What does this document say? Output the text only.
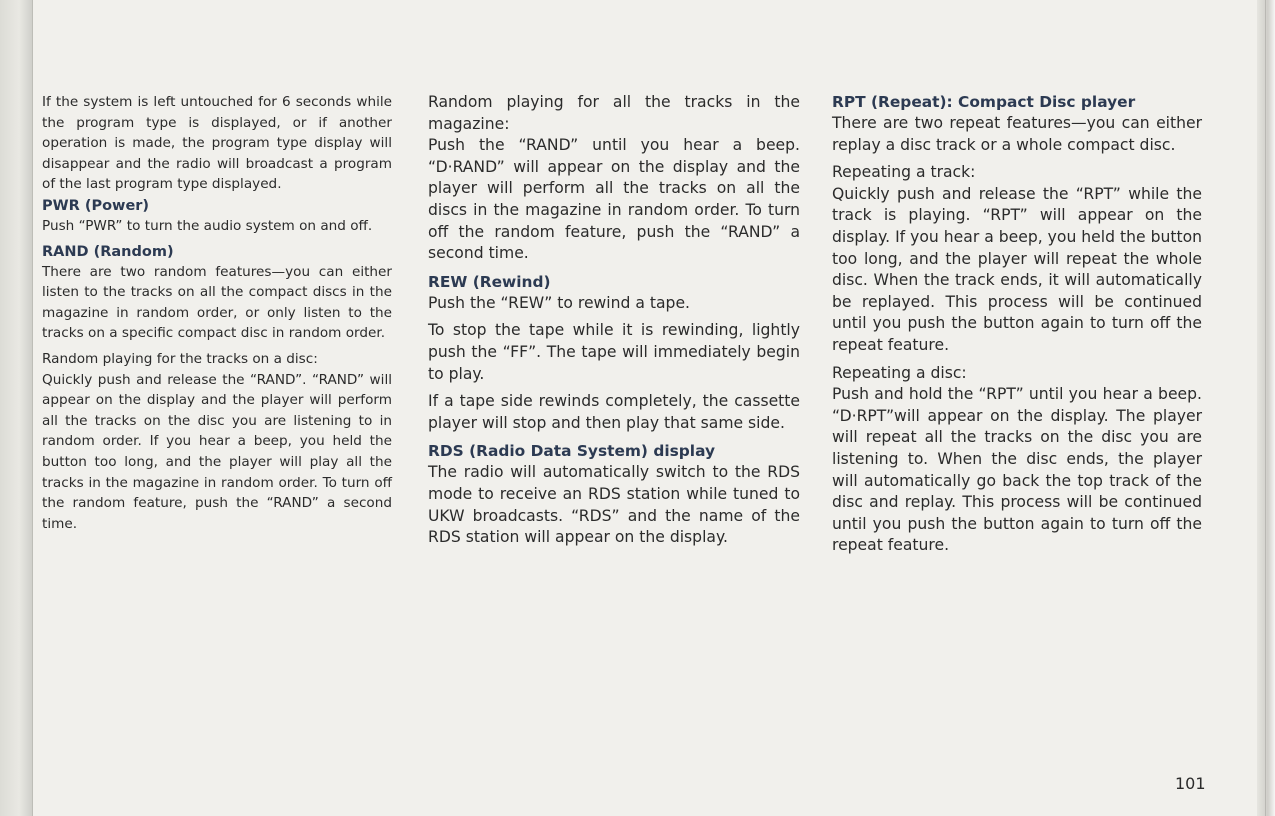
If the system is left untouched for 6 seconds while the program type is displayed, or if another operation is made, the program type display will disappear and the radio will broadcast a program of the last program type displayed.

PWR (Power)

Push “PWR” to turn the audio system on and off.

RAND (Random)

There are two random features—you can either listen to the tracks on all the compact discs in the magazine in random order, or only listen to the tracks on a specific compact disc in random order.

Random playing for the tracks on a disc:

Quickly push and release the “RAND”. “RAND” will appear on the display and the player will perform all the tracks on the disc you are listening to in random order. If you hear a beep, you held the button too long, and the player will play all the tracks in the magazine in random order. To turn off the random feature, push the “RAND” a second time.

Random playing for all the tracks in the magazine:

Push the “RAND” until you hear a beep. “D·RAND” will appear on the display and the player will perform all the tracks on all the discs in the magazine in random order. To turn off the random feature, push the “RAND” a second time.

REW (Rewind)

Push the “REW” to rewind a tape.

To stop the tape while it is rewinding, lightly push the “FF”. The tape will immediately begin to play.

If a tape side rewinds completely, the cassette player will stop and then play that same side.

RDS (Radio Data System) display

The radio will automatically switch to the RDS mode to receive an RDS station while tuned to UKW broadcasts. “RDS” and the name of the RDS station will appear on the display.

RPT (Repeat): Compact Disc player

There are two repeat features—you can either replay a disc track or a whole compact disc.

Repeating a track:

Quickly push and release the “RPT” while the track is playing. “RPT” will appear on the display. If you hear a beep, you held the button too long, and the player will repeat the whole disc. When the track ends, it will automatically be replayed. This process will be continued until you push the button again to turn off the repeat feature.

Repeating a disc:

Push and hold the “RPT” until you hear a beep. “D·RPT”will appear on the display. The player will repeat all the tracks on the disc you are listening to. When the disc ends, the player will automatically go back the top track of the disc and replay. This process will be continued until you push the button again to turn off the repeat feature.

101
